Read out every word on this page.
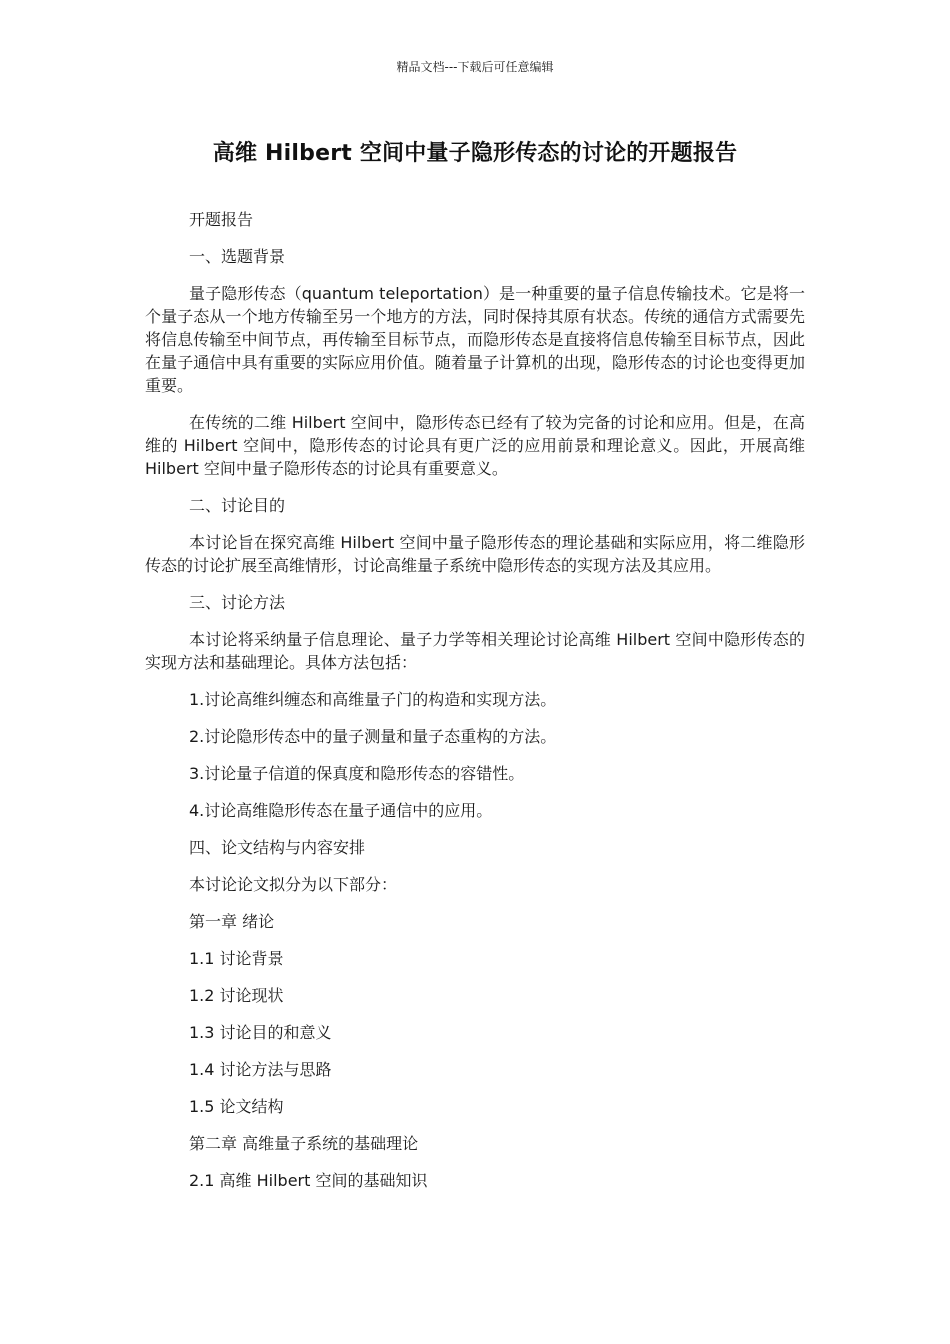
精品文档---下载后可任意编辑
高维 Hilbert 空间中量子隐形传态的讨论的开题报告

开题报告

一、选题背景

量子隐形传态（quantum teleportation）是一种重要的量子信息传输技术。它是将一个量子态从一个地方传输至另一个地方的方法，同时保持其原有状态。传统的通信方式需要先将信息传输至中间节点，再传输至目标节点，而隐形传态是直接将信息传输至目标节点，因此在量子通信中具有重要的实际应用价值。随着量子计算机的出现，隐形传态的讨论也变得更加重要。

在传统的二维 Hilbert 空间中，隐形传态已经有了较为完备的讨论和应用。但是，在高维的 Hilbert 空间中，隐形传态的讨论具有更广泛的应用前景和理论意义。因此，开展高维 Hilbert 空间中量子隐形传态的讨论具有重要意义。

二、讨论目的

本讨论旨在探究高维 Hilbert 空间中量子隐形传态的理论基础和实际应用，将二维隐形传态的讨论扩展至高维情形，讨论高维量子系统中隐形传态的实现方法及其应用。

三、讨论方法

本讨论将采纳量子信息理论、量子力学等相关理论讨论高维 Hilbert 空间中隐形传态的实现方法和基础理论。具体方法包括：

1.讨论高维纠缠态和高维量子门的构造和实现方法。

2.讨论隐形传态中的量子测量和量子态重构的方法。

3.讨论量子信道的保真度和隐形传态的容错性。

4.讨论高维隐形传态在量子通信中的应用。

四、论文结构与内容安排

本讨论论文拟分为以下部分：

第一章 绪论

1.1 讨论背景

1.2 讨论现状

1.3 讨论目的和意义

1.4 讨论方法与思路

1.5 论文结构

第二章 高维量子系统的基础理论

2.1 高维 Hilbert 空间的基础知识
